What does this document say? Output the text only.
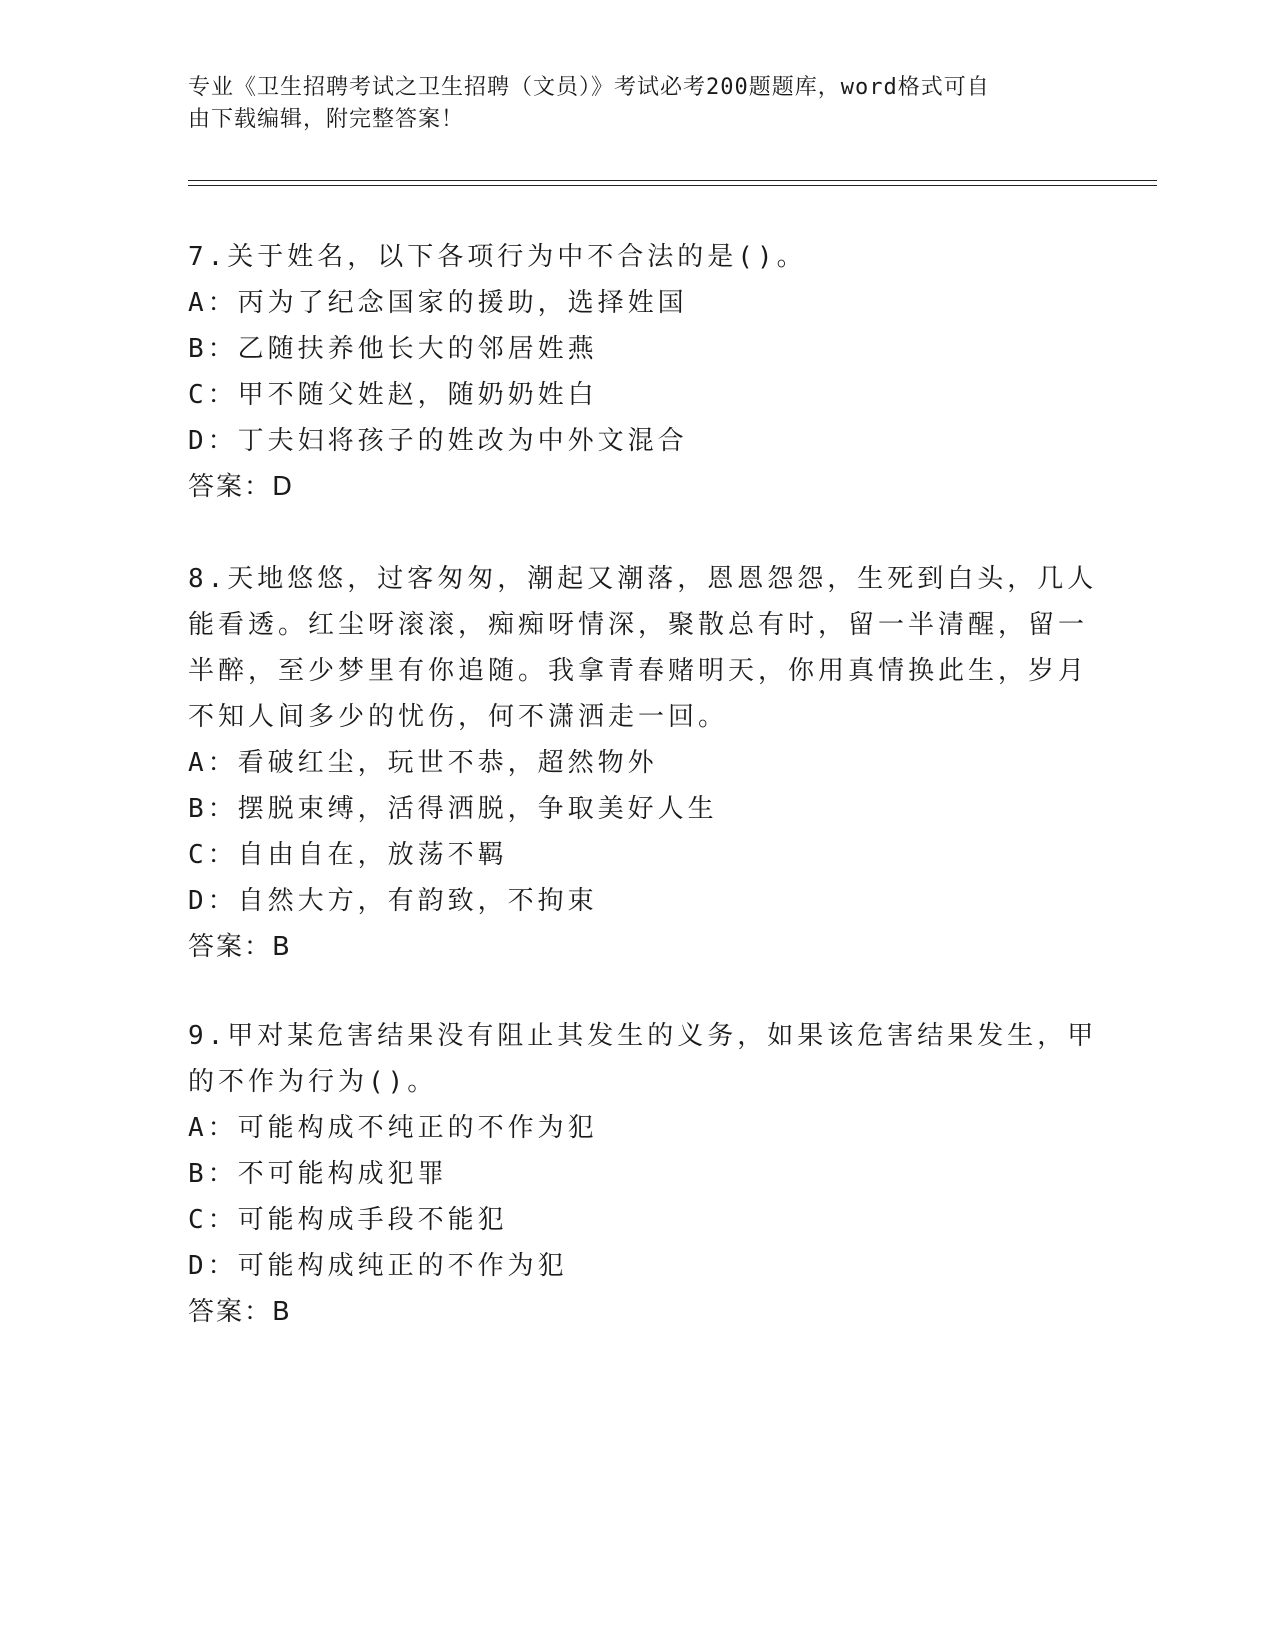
专业《卫生招聘考试之卫生招聘（文员）》考试必考200题题库，word格式可自
由下载编辑，附完整答案！
7.关于姓名，以下各项行为中不合法的是()。
A：丙为了纪念国家的援助，选择姓国
B：乙随扶养他长大的邻居姓燕
C：甲不随父姓赵，随奶奶姓白
D：丁夫妇将孩子的姓改为中外文混合
答案：D
8.天地悠悠，过客匆匆，潮起又潮落，恩恩怨怨，生死到白头，几人
能看透。红尘呀滚滚，痴痴呀情深，聚散总有时，留一半清醒，留一
半醉，至少梦里有你追随。我拿青春赌明天，你用真情换此生，岁月
不知人间多少的忧伤，何不潇洒走一回。
A：看破红尘，玩世不恭，超然物外
B：摆脱束缚，活得洒脱，争取美好人生
C：自由自在，放荡不羁
D：自然大方，有韵致，不拘束
答案：B
9.甲对某危害结果没有阻止其发生的义务，如果该危害结果发生，甲
的不作为行为()。
A：可能构成不纯正的不作为犯
B：不可能构成犯罪
C：可能构成手段不能犯
D：可能构成纯正的不作为犯
答案：B
